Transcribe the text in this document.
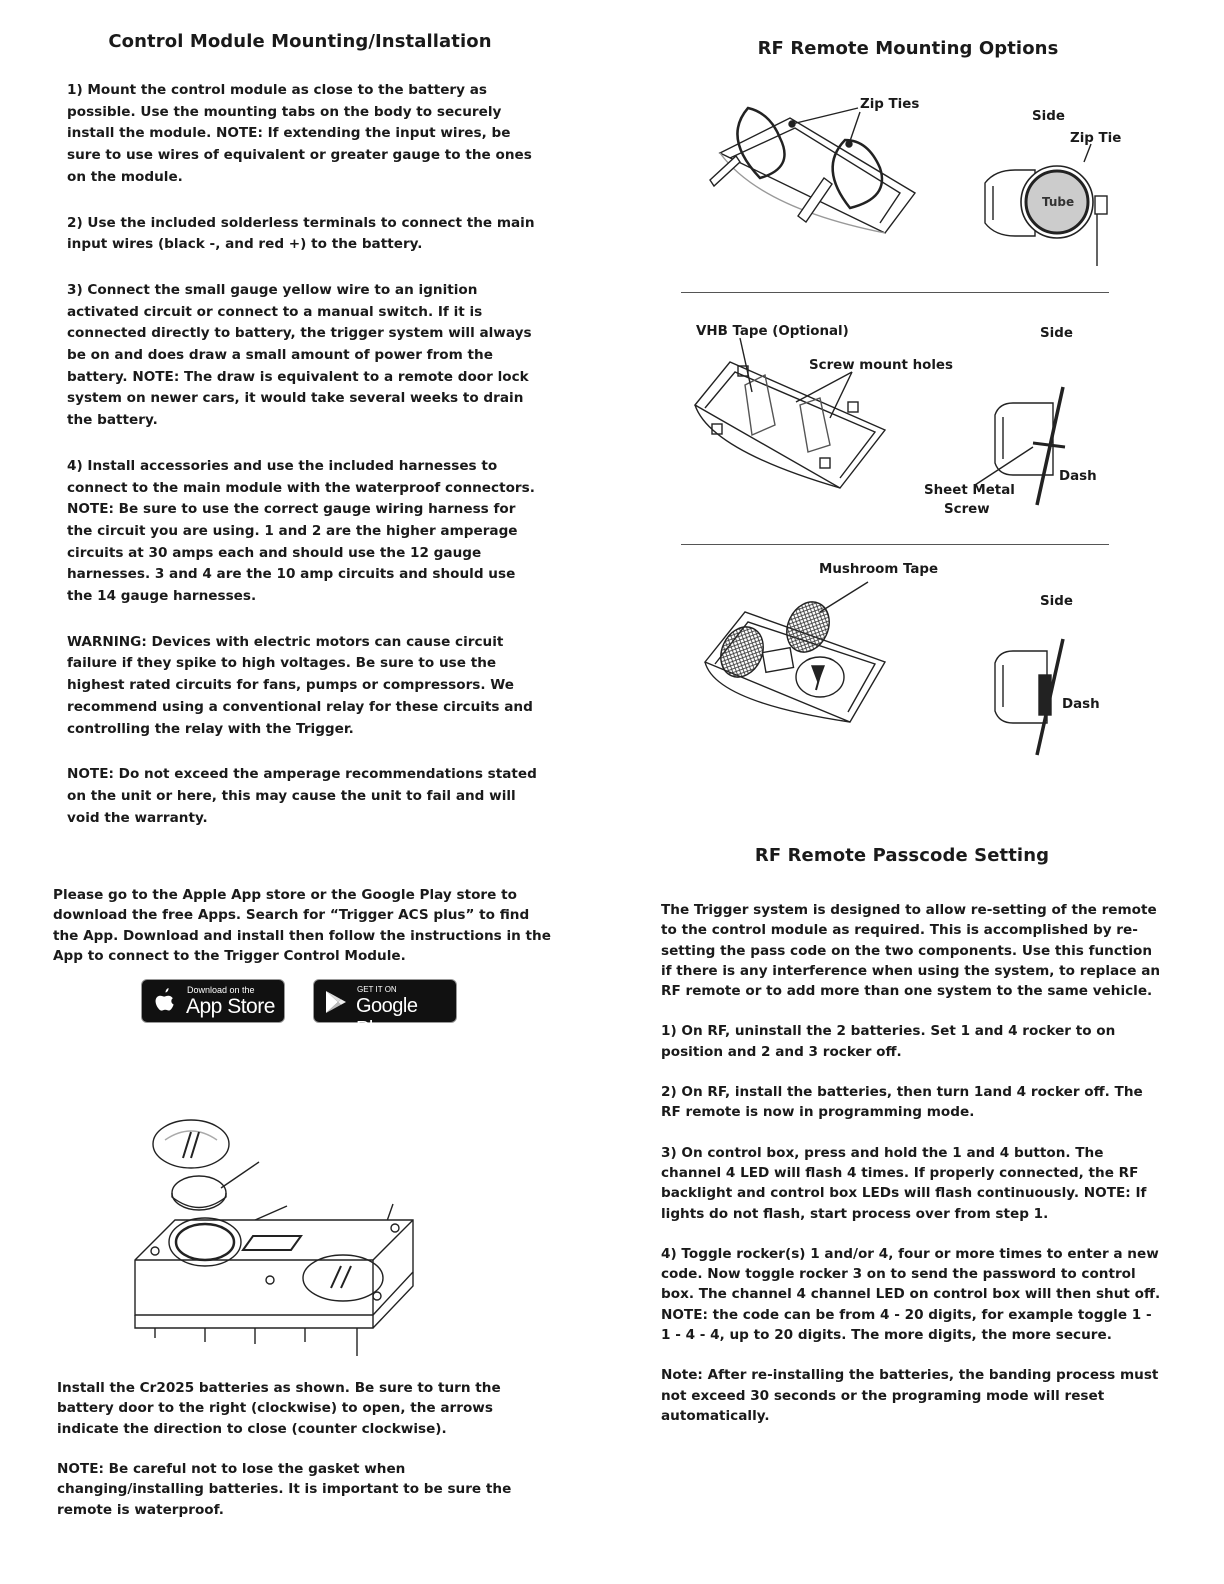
Control Module Mounting/Installation

1) Mount the control module as close to the battery as possible. Use the mounting tabs on the body to securely install the module. NOTE: If extending the input wires, be sure to use wires of equivalent or greater gauge to the ones on the module.

2) Use the included solderless terminals to connect the main input wires (black -, and red +) to the battery.

3) Connect the small gauge yellow wire to an ignition activated circuit or connect to a manual switch. If it is connected directly to battery, the trigger system will always be on and does draw a small amount of power from the battery. NOTE: The draw is equivalent to a remote door lock system on newer cars, it would take several weeks to drain the battery.

4) Install accessories and use the included harnesses to connect to the main module with the waterproof connectors. NOTE: Be sure to use the correct gauge wiring harness for the circuit you are using. 1 and 2 are the higher amperage circuits at 30 amps each and should use the 12 gauge harnesses. 3 and 4 are the 10 amp circuits and should use the 14 gauge harnesses.

WARNING: Devices with electric motors can cause circuit failure if they spike to high voltages. Be sure to use the highest rated circuits for fans, pumps or compressors. We recommend using a conventional relay for these circuits and controlling the relay with the Trigger.

NOTE: Do not exceed the amperage recommendations stated on the unit or here, this may cause the unit to fail and will void the warranty.

Please go to the Apple App store or the Google Play store to download the free Apps. Search for “Trigger ACS plus” to find the App. Download and install then follow the instructions in the App to connect to the Trigger Control Module.

Download on the
App Store
GET IT ON
Google Play

Install the Cr2025 batteries as shown. Be sure to turn the battery door to the right (clockwise) to open, the arrows indicate the direction to close (counter clockwise).

NOTE: Be careful not to lose the gasket when changing/installing batteries. It is important to be sure the remote is waterproof.

RF Remote Mounting Options
Zip Ties
Side
Zip Tie
Tube
VHB Tape (Optional)
Screw mount holes
Side
Dash
Sheet Metal
Screw
Mushroom Tape
Side
Dash
RF Remote Passcode Setting

The Trigger system is designed to allow re-setting of the remote to the control module as required. This is accomplished by re-setting the pass code on the two components. Use this function if there is any interference when using the system, to replace an RF remote or to add more than one system to the same vehicle.

1) On RF, uninstall the 2 batteries. Set 1 and 4 rocker to on position and 2 and 3 rocker off.

2) On RF, install the batteries, then turn 1and 4 rocker off. The RF remote is now in programming mode.

3) On control box, press and hold the 1 and 4 button. The channel 4 LED will flash 4 times. If properly connected, the RF backlight and control box LEDs will flash continuously. NOTE: If lights do not flash, start process over from step 1.

4) Toggle rocker(s) 1 and/or 4, four or more times to enter a new code. Now toggle rocker 3 on to send the password to control box. The channel 4 channel LED on control box will then shut off.

NOTE: the code can be from 4 - 20 digits, for example toggle 1 - 1 - 4 - 4, up to 20 digits. The more digits, the more secure.

Note: After re-installing the batteries, the banding process must not exceed 30 seconds or the programing mode will reset automatically.
